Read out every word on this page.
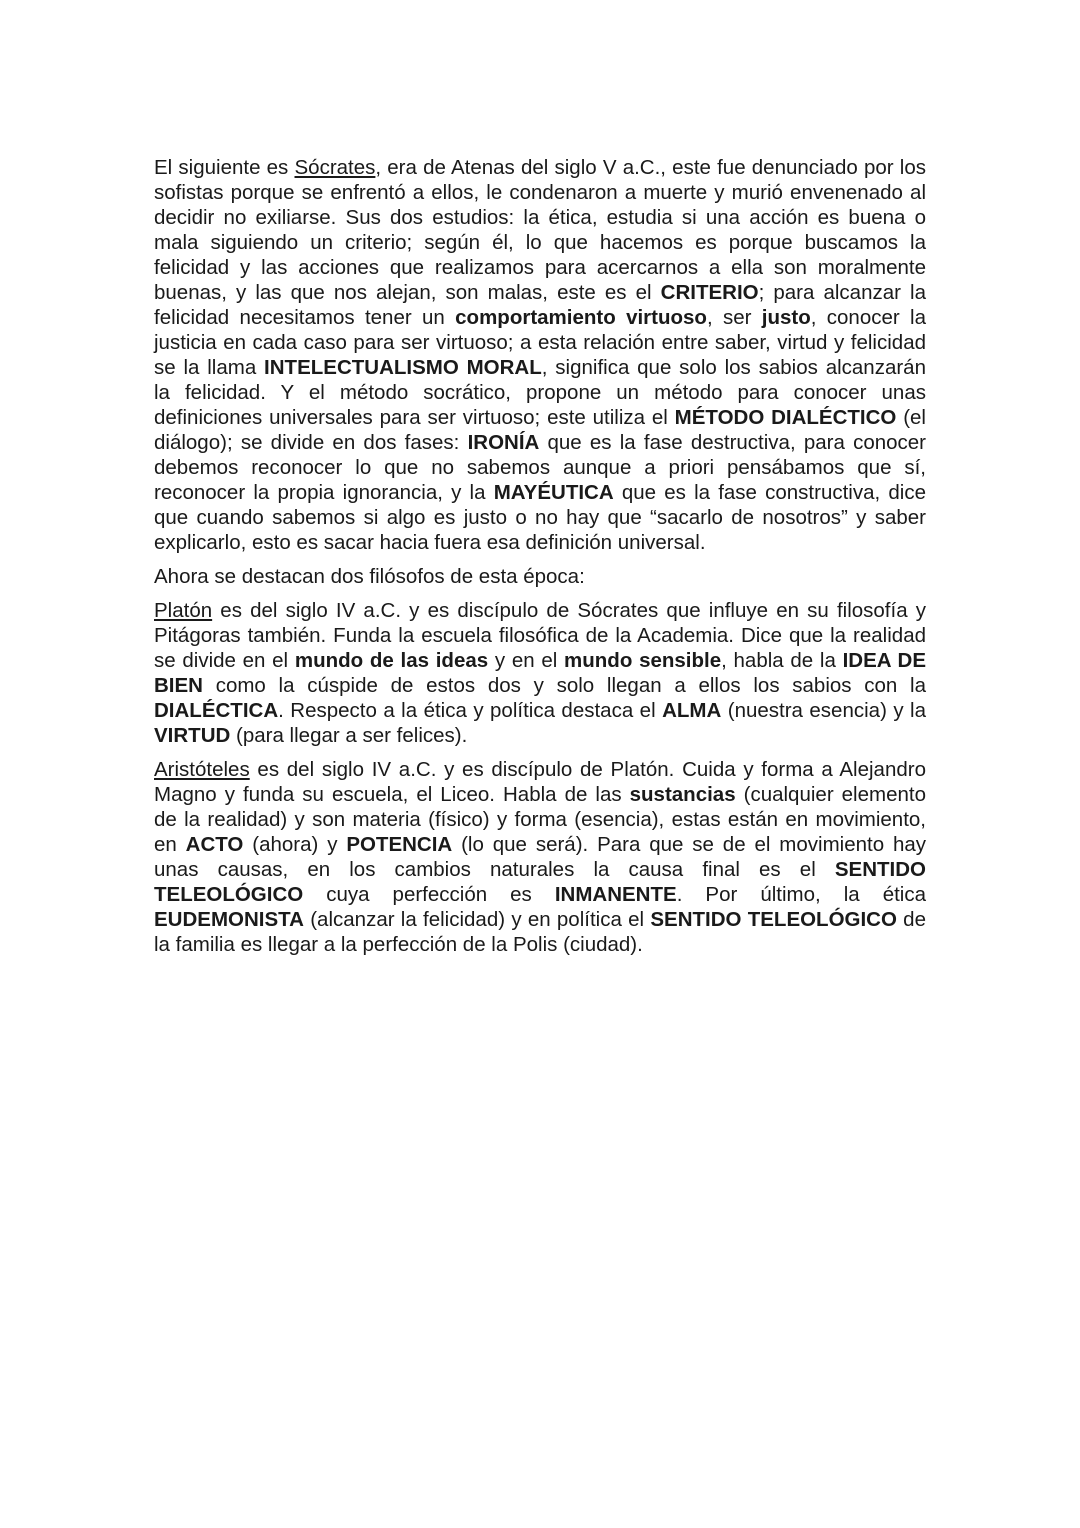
El siguiente es Sócrates, era de Atenas del siglo V a.C., este fue denunciado por los sofistas porque se enfrentó a ellos, le condenaron a muerte y murió envenenado al decidir no exiliarse. Sus dos estudios: la ética, estudia si una acción es buena o mala siguiendo un criterio; según él, lo que hacemos es porque buscamos la felicidad y las acciones que realizamos para acercarnos a ella son moralmente buenas, y las que nos alejan, son malas, este es el CRITERIO; para alcanzar la felicidad necesitamos tener un comportamiento virtuoso, ser justo, conocer la justicia en cada caso para ser virtuoso; a esta relación entre saber, virtud y felicidad se la llama INTELECTUALISMO MORAL, significa que solo los sabios alcanzarán la felicidad. Y el método socrático, propone un método para conocer unas definiciones universales para ser virtuoso; este utiliza el MÉTODO DIALÉCTICO (el diálogo); se divide en dos fases: IRONÍA que es la fase destructiva, para conocer debemos reconocer lo que no sabemos aunque a priori pensábamos que sí, reconocer la propia ignorancia, y la MAYÉUTICA que es la fase constructiva, dice que cuando sabemos si algo es justo o no hay que “sacarlo de nosotros” y saber explicarlo, esto es sacar hacia fuera esa definición universal.

Ahora se destacan dos filósofos de esta época:

Platón es del siglo IV a.C. y es discípulo de Sócrates que influye en su filosofía y Pitágoras también. Funda la escuela filosófica de la Academia. Dice que la realidad se divide en el mundo de las ideas y en el mundo sensible, habla de la IDEA DE BIEN como la cúspide de estos dos y solo llegan a ellos los sabios con la DIALÉCTICA. Respecto a la ética y política destaca el ALMA (nuestra esencia) y la VIRTUD (para llegar a ser felices).

Aristóteles es del siglo IV a.C. y es discípulo de Platón. Cuida y forma a Alejandro Magno y funda su escuela, el Liceo. Habla de las sustancias (cualquier elemento de la realidad) y son materia (físico) y forma (esencia), estas están en movimiento, en ACTO (ahora) y POTENCIA (lo que será). Para que se de el movimiento hay unas causas, en los cambios naturales la causa final es el SENTIDO TELEOLÓGICO cuya perfección es INMANENTE. Por último, la ética EUDEMONISTA (alcanzar la felicidad) y en política el SENTIDO TELEOLÓGICO de la familia es llegar a la perfección de la Polis (ciudad).
